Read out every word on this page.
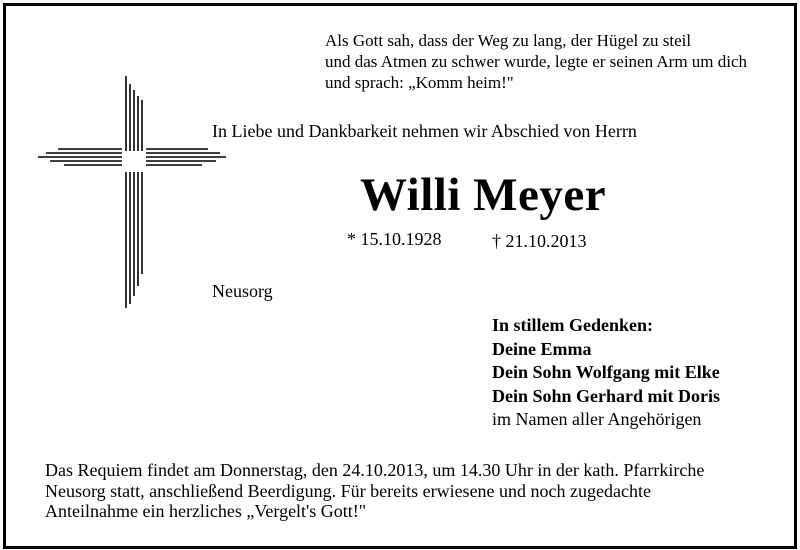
Als Gott sah, dass der Weg zu lang, der Hügel zu steil
und das Atmen zu schwer wurde, legte er seinen Arm um dich
und sprach: „Komm heim!"
In Liebe und Dankbarkeit nehmen wir Abschied von Herrn
Willi Meyer
* 15.10.1928	† 21.10.2013
Neusorg
In stillem Gedenken:
Deine Emma
Dein Sohn Wolfgang mit Elke
Dein Sohn Gerhard mit Doris
im Namen aller Angehörigen
Das Requiem findet am Donnerstag, den 24.10.2013, um 14.30 Uhr in der kath. Pfarrkirche
Neusorg statt, anschließend Beerdigung. Für bereits erwiesene und noch zugedachte
Anteilnahme ein herzliches „Vergelt's Gott!"
